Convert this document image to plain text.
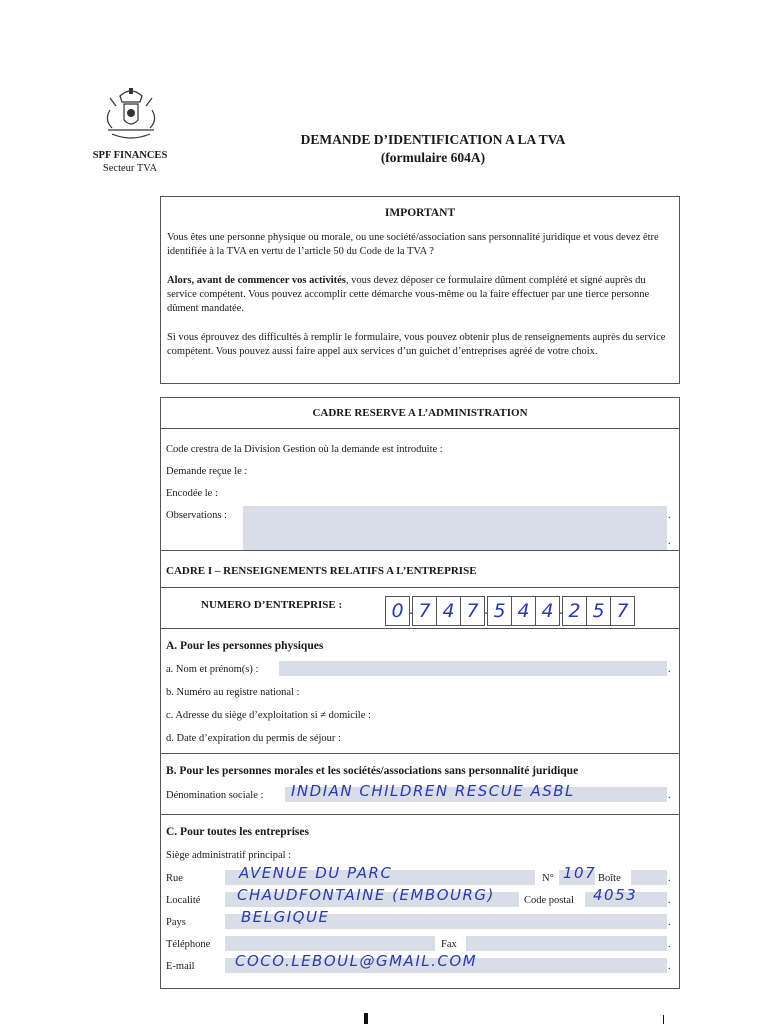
SPF FINANCES
Secteur TVA
DEMANDE D’IDENTIFICATION A LA TVA
(formulaire 604A)
IMPORTANT

Vous êtes une personne physique ou morale, ou une société/association sans personnalité juridique et vous devez être identifiée à la TVA en vertu de l’article 50 du Code de la TVA ?

Alors, avant de commencer vos activités, vous devez déposer ce formulaire dûment complété et signé auprès du service compétent. Vous pouvez accomplir cette démarche vous-même ou la faire effectuer par une tierce personne dûment mandatée.

Si vous éprouvez des difficultés à remplir le formulaire, vous pouvez obtenir plus de renseignements auprès du service compétent. Vous pouvez aussi faire appel aux services d’un guichet d’entreprises agréé de votre choix.

CADRE RESERVE A L’ADMINISTRATION
Code crestra de la Division Gestion où la demande est introduite :
Demande reçue le :
Encodée le :
Observations :	.
.
CADRE I – RENSEIGNEMENTS RELATIFS A L’ENTREPRISE
NUMERO D’ENTREPRISE :	0 . 7 4 7 . 5 4 4 . 2 5 7
A. Pour les personnes physiques
a. Nom et prénom(s) :	.
b. Numéro au registre national :
c. Adresse du siège d’exploitation si ≠ domicile :
d. Date d’expiration du permis de séjour :
B. Pour les personnes morales et les sociétés/associations sans personnalité juridique
Dénomination sociale : INDIAN CHILDREN RESCUE ASBL	.
C. Pour toutes les entreprises
Siège administratif principal :
Rue	AVENUE DU PARC	N° 107 Boîte	.
Localité CHAUDFONTAINE (EMBOURG)	Code postal 4053	.
Pays	BELGIQUE	.
Téléphone	Fax	.
E-mail	COCO.LEBOUL@GMAIL.COM	.
